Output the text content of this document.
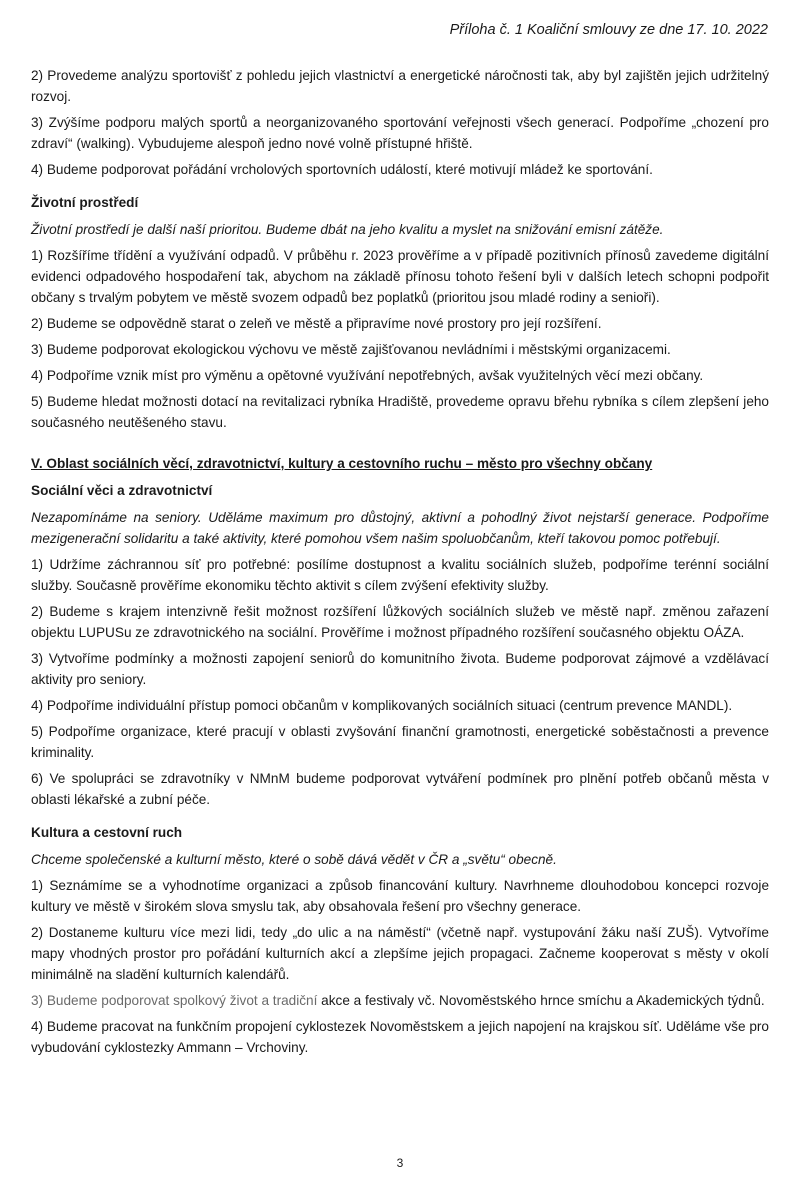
Příloha č. 1 Koaliční smlouvy ze dne 17. 10. 2022

2) Provedeme analýzu sportovišť z pohledu jejich vlastnictví a energetické náročnosti tak, aby byl zajištěn jejich udržitelný rozvoj.

3) Zvýšíme podporu malých sportů a neorganizovaného sportování veřejnosti všech generací. Podpoříme „chození pro zdraví“ (walking). Vybudujeme alespoň jedno nové volně přístupné hřiště.

4) Budeme podporovat pořádání vrcholových sportovních událostí, které motivují mládež ke sportování.

Životní prostředí

Životní prostředí je další naší prioritou. Budeme dbát na jeho kvalitu a myslet na snižování emisní zátěže.

1) Rozšíříme třídění a využívání odpadů. V průběhu r. 2023 prověříme a v případě pozitivních přínosů zavedeme digitální evidenci odpadového hospodaření tak, abychom na základě přínosu tohoto řešení byli v dalších letech schopni podpořit občany s trvalým pobytem ve městě svozem odpadů bez poplatků (prioritou jsou mladé rodiny a senioři).

2) Budeme se odpovědně starat o zeleň ve městě a připravíme nové prostory pro její rozšíření.

3) Budeme podporovat ekologickou výchovu ve městě zajišťovanou nevládními i městskými organizacemi.

4) Podpoříme vznik míst pro výměnu a opětovné využívání nepotřebných, avšak využitelných věcí mezi občany.

5) Budeme hledat možnosti dotací na revitalizaci rybníka Hradiště, provedeme opravu břehu rybníka s cílem zlepšení jeho současného neutěšeného stavu.

V. Oblast sociálních věcí, zdravotnictví, kultury a cestovního ruchu – město pro všechny občany

Sociální věci a zdravotnictví

Nezapomínáme na seniory. Uděláme maximum pro důstojný, aktivní a pohodlný život nejstarší generace. Podpoříme mezigenerační solidaritu a také aktivity, které pomohou všem našim spoluobčanům, kteří takovou pomoc potřebují.

1) Udržíme záchrannou síť pro potřebné: posílíme dostupnost a kvalitu sociálních služeb, podpoříme terénní sociální služby. Současně prověříme ekonomiku těchto aktivit s cílem zvýšení efektivity služby.

2) Budeme s krajem intenzivně řešit možnost rozšíření lůžkových sociálních služeb ve městě např. změnou zařazení objektu LUPUSu ze zdravotnického na sociální. Prověříme i možnost případného rozšíření současného objektu OÁZA.

3) Vytvoříme podmínky a možnosti zapojení seniorů do komunitního života. Budeme podporovat zájmové a vzdělávací aktivity pro seniory.

4) Podpoříme individuální přístup pomoci občanům v komplikovaných sociálních situaci (centrum prevence MANDL).

5) Podpoříme organizace, které pracují v oblasti zvyšování finanční gramotnosti, energetické soběstačnosti a prevence kriminality.

6) Ve spolupráci se zdravotníky v NMnM budeme podporovat vytváření podmínek pro plnění potřeb občanů města v oblasti lékařské a zubní péče.

Kultura a cestovní ruch

Chceme společenské a kulturní město, které o sobě dává vědět v ČR a „světu“ obecně.

1) Seznámíme se a vyhodnotíme organizaci a způsob financování kultury. Navrhneme dlouhodobou koncepci rozvoje kultury ve městě v širokém slova smyslu tak, aby obsahovala řešení pro všechny generace.

2) Dostaneme kulturu více mezi lidi, tedy „do ulic a na náměstí“ (včetně např. vystupování žáku naší ZUŠ). Vytvoříme mapy vhodných prostor pro pořádání kulturních akcí a zlepšíme jejich propagaci. Začneme kooperovat s městy v okolí minimálně na sladění kulturních kalendářů.

3) Budeme podporovat spolkový život a tradiční akce a festivaly vč. Novoměstského hrnce smíchu a Akademických týdnů.

4) Budeme pracovat na funkčním propojení cyklostezek Novoměstskem a jejich napojení na krajskou síť. Uděláme vše pro vybudování cyklostezky Ammann – Vrchoviny.

3
